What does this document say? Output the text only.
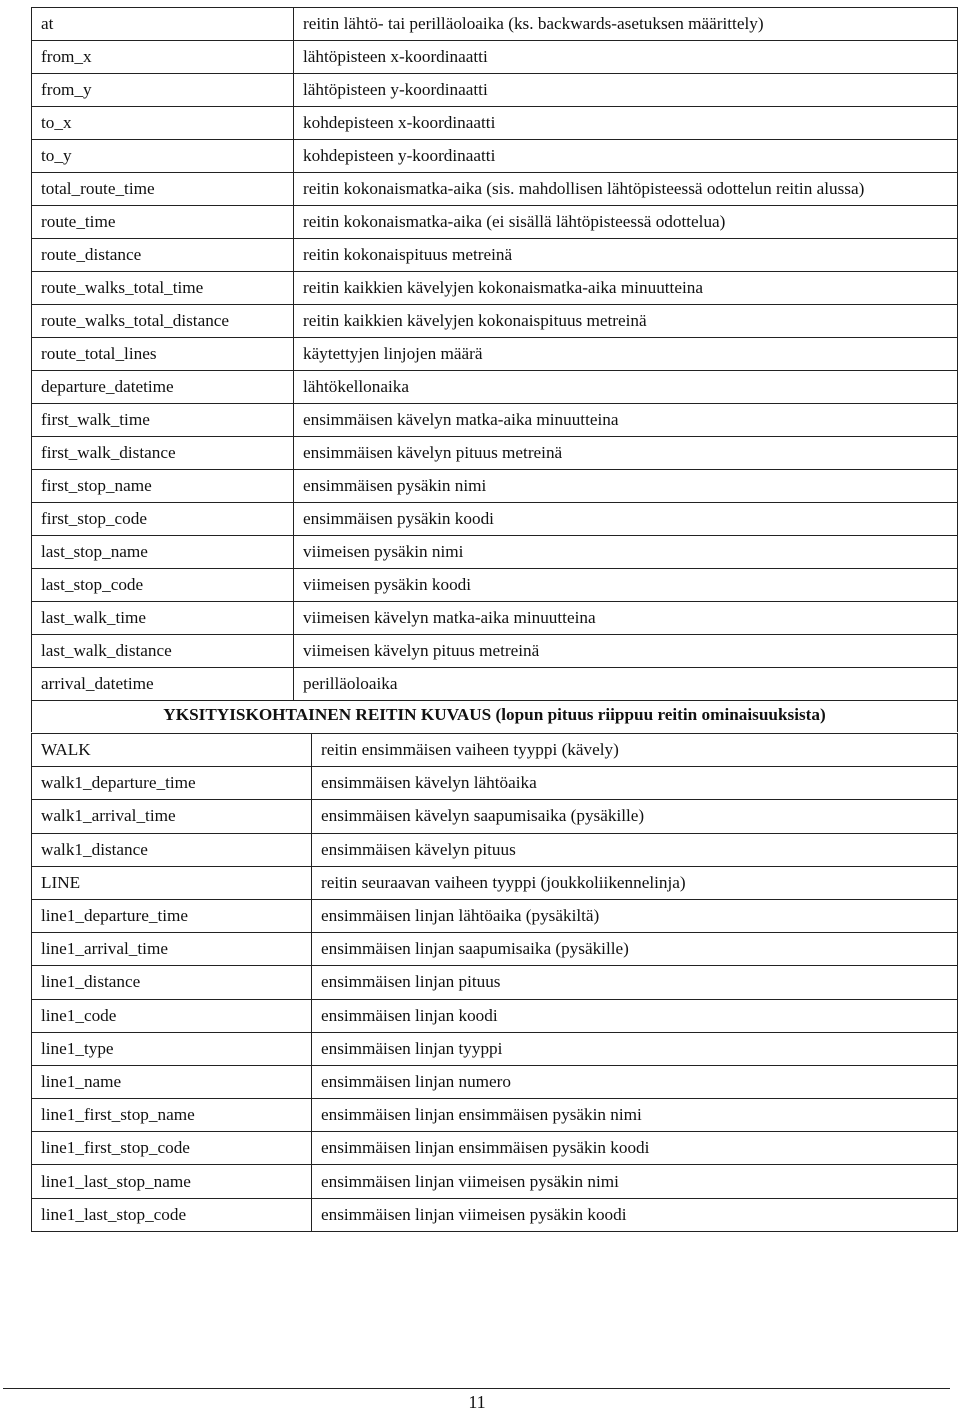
at	reitin lähtö- tai perilläoloaika (ks. backwards-asetuksen määrittely)
from_x	lähtöpisteen x-koordinaatti
from_y	lähtöpisteen y-koordinaatti
to_x	kohdepisteen x-koordinaatti
to_y	kohdepisteen y-koordinaatti
total_route_time	reitin kokonaismatka-aika (sis. mahdollisen lähtöpisteessä odottelun reitin alussa)
route_time	reitin kokonaismatka-aika (ei sisällä lähtöpisteessä odottelua)
route_distance	reitin kokonaispituus metreinä
route_walks_total_time	reitin kaikkien kävelyjen kokonaismatka-aika minuutteina
route_walks_total_distance	reitin kaikkien kävelyjen kokonaispituus metreinä
route_total_lines	käytettyjen linjojen määrä
departure_datetime	lähtökellonaika
first_walk_time	ensimmäisen kävelyn matka-aika minuutteina
first_walk_distance	ensimmäisen kävelyn pituus metreinä
first_stop_name	ensimmäisen pysäkin nimi
first_stop_code	ensimmäisen pysäkin koodi
last_stop_name	viimeisen pysäkin nimi
last_stop_code	viimeisen pysäkin koodi
last_walk_time	viimeisen kävelyn matka-aika minuutteina
last_walk_distance	viimeisen kävelyn pituus metreinä
arrival_datetime	perilläoloaika
YKSITYISKOHTAINEN REITIN KUVAUS (lopun pituus riippuu reitin ominaisuuksista)
WALK	reitin ensimmäisen vaiheen tyyppi (kävely)
walk1_departure_time	ensimmäisen kävelyn lähtöaika
walk1_arrival_time	ensimmäisen kävelyn saapumisaika (pysäkille)
walk1_distance	ensimmäisen kävelyn pituus
LINE	reitin seuraavan vaiheen tyyppi (joukkoliikennelinja)
line1_departure_time	ensimmäisen linjan lähtöaika (pysäkiltä)
line1_arrival_time	ensimmäisen linjan saapumisaika (pysäkille)
line1_distance	ensimmäisen linjan pituus
line1_code	ensimmäisen linjan koodi
line1_type	ensimmäisen linjan tyyppi
line1_name	ensimmäisen linjan numero
line1_first_stop_name	ensimmäisen linjan ensimmäisen pysäkin nimi
line1_first_stop_code	ensimmäisen linjan ensimmäisen pysäkin koodi
line1_last_stop_name	ensimmäisen linjan viimeisen pysäkin nimi
line1_last_stop_code	ensimmäisen linjan viimeisen pysäkin koodi
11
